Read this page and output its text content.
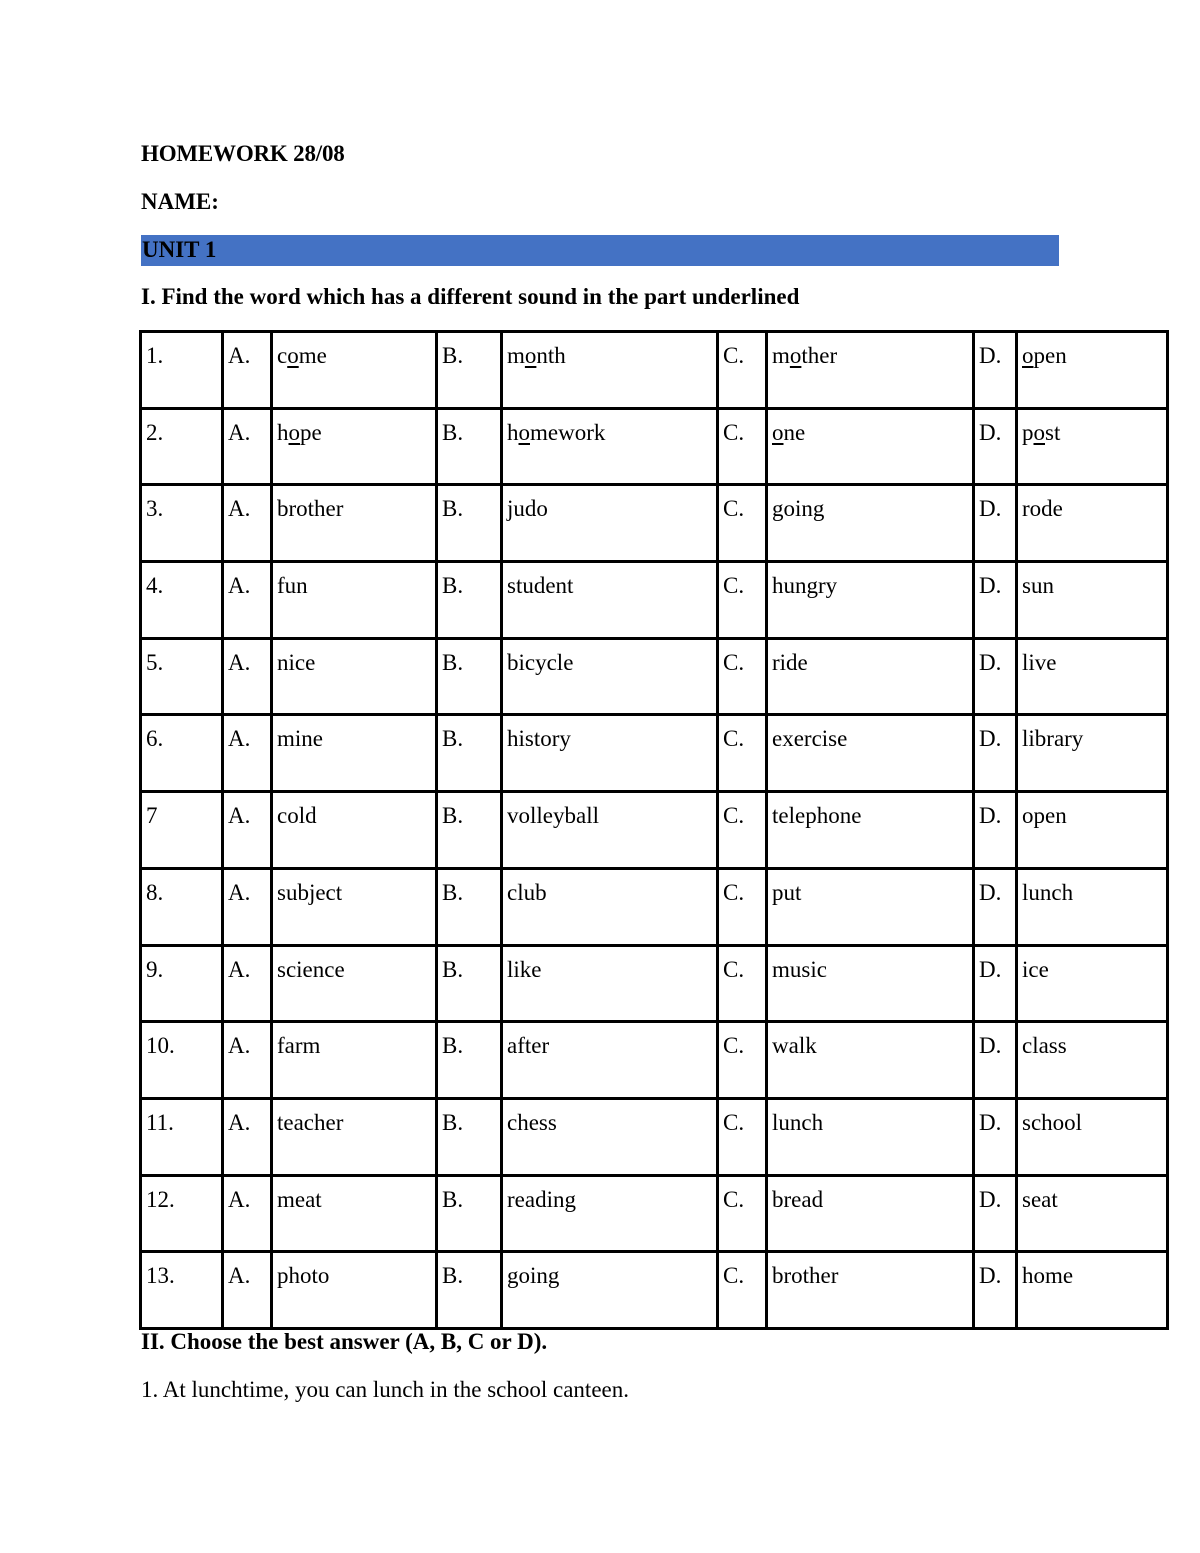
HOMEWORK 28/08
NAME:
UNIT 1
I. Find the word which has a different sound in the part underlined
1.	A.	come	B.	month	C.	mother	D.	open
2.	A.	hope	B.	homework	C.	one	D.	post
3.	A.	brother	B.	judo	C.	going	D.	rode
4.	A.	fun	B.	student	C.	hungry	D.	sun
5.	A.	nice	B.	bicycle	C.	ride	D.	live
6.	A.	mine	B.	history	C.	exercise	D.	library
7	A.	cold	B.	volleyball	C.	telephone	D.	open
8.	A.	subject	B.	club	C.	put	D.	lunch
9.	A.	science	B.	like	C.	music	D.	ice
10.	A.	farm	B.	after	C.	walk	D.	class
11.	A.	teacher	B.	chess	C.	lunch	D.	school
12.	A.	meat	B.	reading	C.	bread	D.	seat
13.	A.	photo	B.	going	C.	brother	D.	home
II. Choose the best answer (A, B, C or D).
1. At lunchtime, you can lunch in the school canteen.
